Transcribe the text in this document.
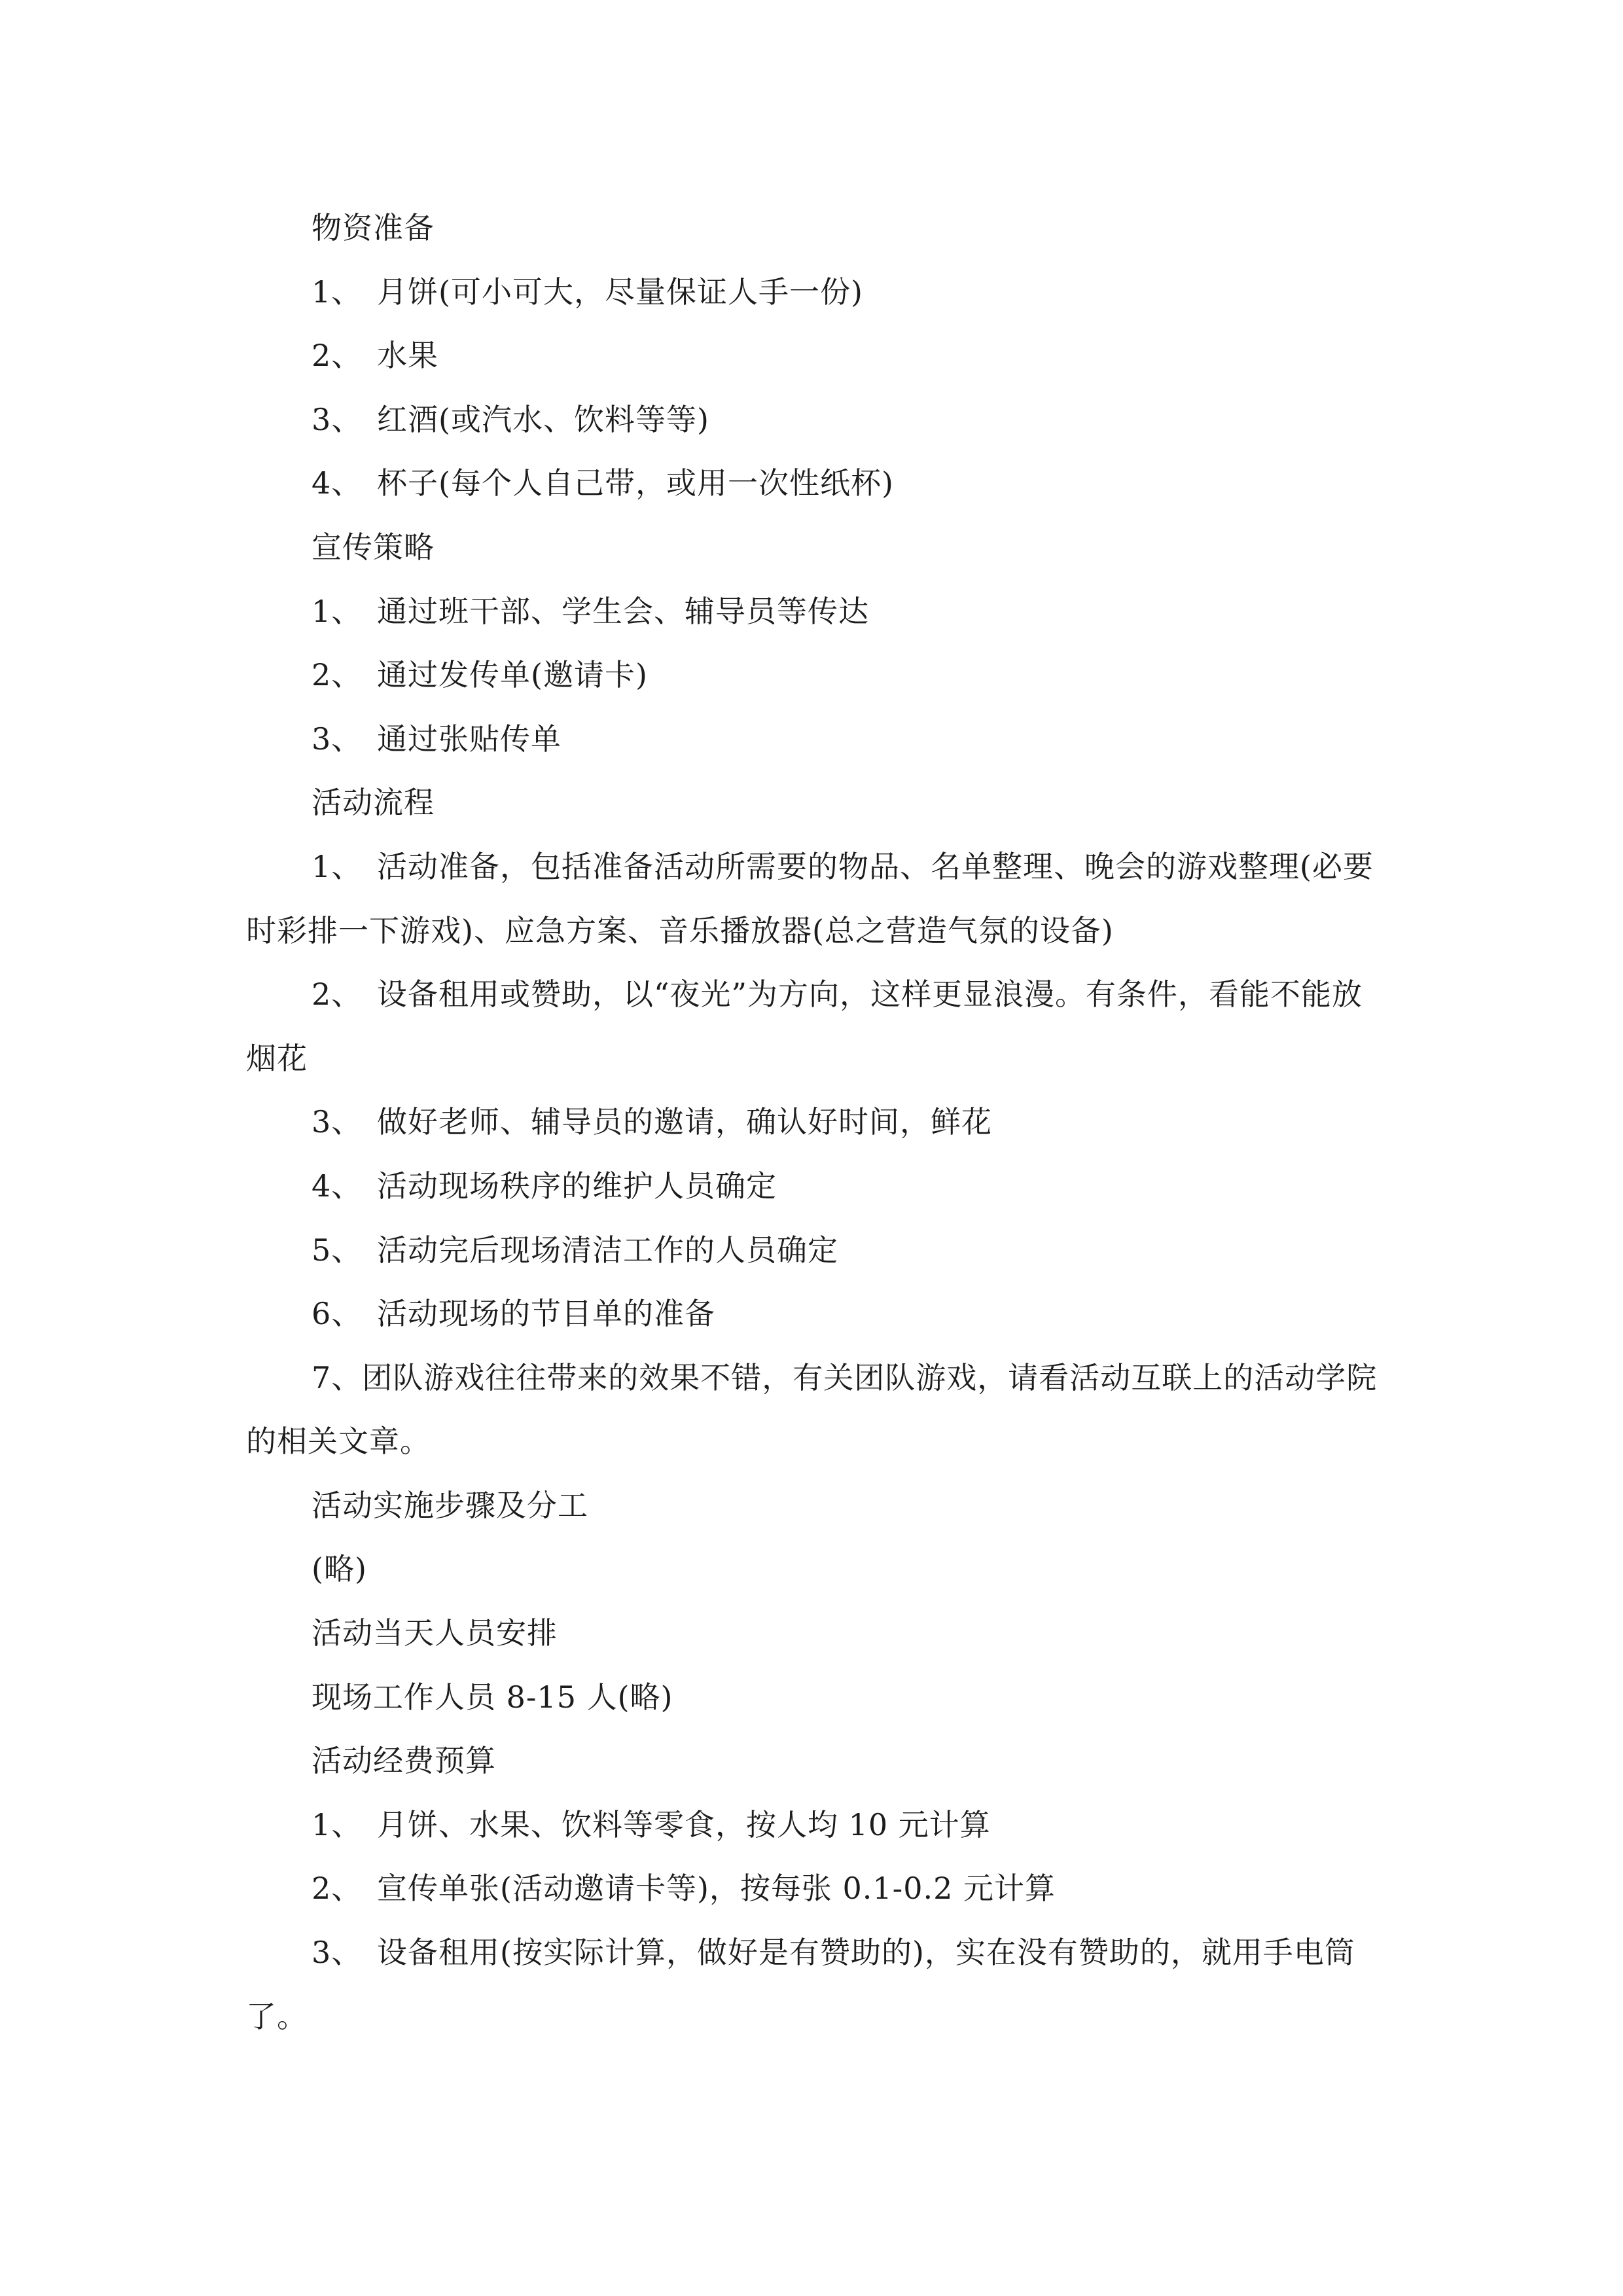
物资准备

1、 月饼(可小可大，尽量保证人手一份)

2、 水果

3、 红酒(或汽水、饮料等等)

4、 杯子(每个人自己带，或用一次性纸杯)

宣传策略

1、 通过班干部、学生会、辅导员等传达

2、 通过发传单(邀请卡)

3、 通过张贴传单

活动流程

1、 活动准备，包括准备活动所需要的物品、名单整理、晚会的游戏整理(必要时彩排一下游戏)、应急方案、音乐播放器(总之营造气氛的设备)

2、 设备租用或赞助，以“夜光”为方向，这样更显浪漫。有条件，看能不能放烟花

3、 做好老师、辅导员的邀请，确认好时间，鲜花

4、 活动现场秩序的维护人员确定

5、 活动完后现场清洁工作的人员确定

6、 活动现场的节目单的准备

7、团队游戏往往带来的效果不错，有关团队游戏，请看活动互联上的活动学院的相关文章。

活动实施步骤及分工

(略)

活动当天人员安排

现场工作人员 8-15 人(略)

活动经费预算

1、 月饼、水果、饮料等零食，按人均 10 元计算

2、 宣传单张(活动邀请卡等)，按每张 0.1-0.2 元计算

3、 设备租用(按实际计算，做好是有赞助的)，实在没有赞助的，就用手电筒了。
